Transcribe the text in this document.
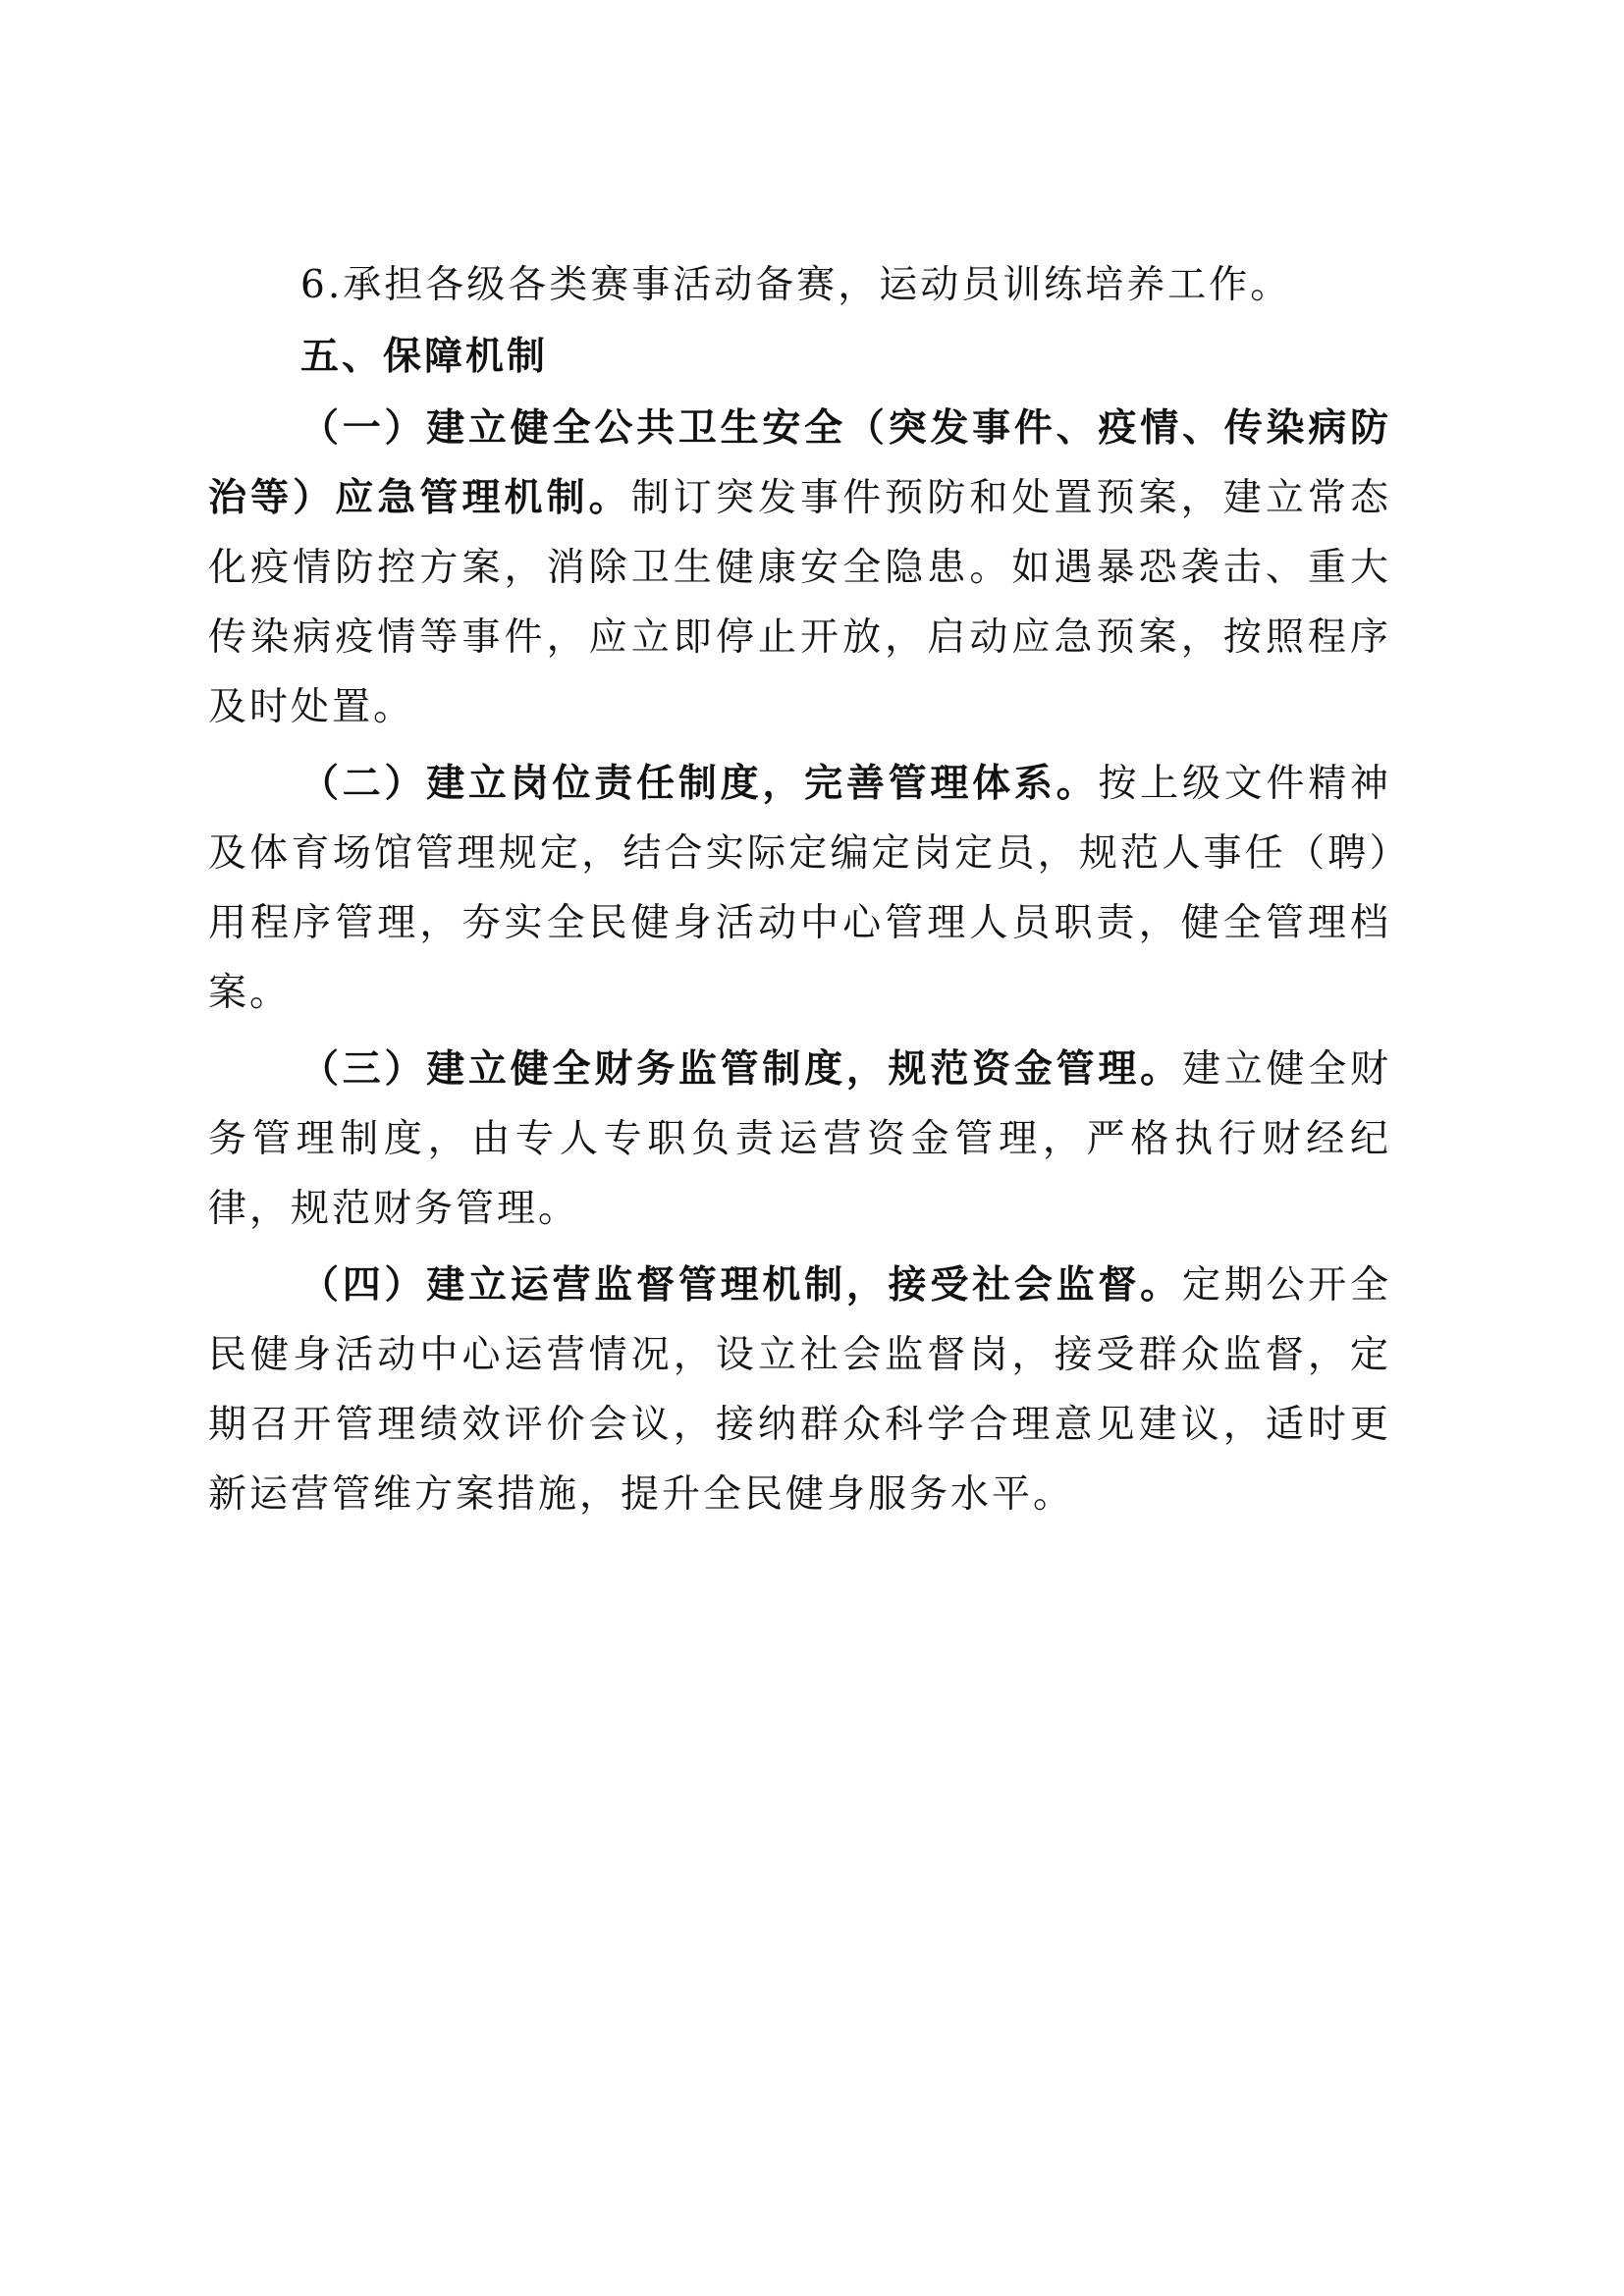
6.承担各级各类赛事活动备赛，运动员训练培养工作。

五、保障机制

（一）建立健全公共卫生安全（突发事件、疫情、传染病防治等）应急管理机制。制订突发事件预防和处置预案，建立常态化疫情防控方案，消除卫生健康安全隐患。如遇暴恐袭击、重大传染病疫情等事件，应立即停止开放，启动应急预案，按照程序及时处置。

（二）建立岗位责任制度，完善管理体系。按上级文件精神及体育场馆管理规定，结合实际定编定岗定员，规范人事任（聘）用程序管理，夯实全民健身活动中心管理人员职责，健全管理档案。

（三）建立健全财务监管制度，规范资金管理。建立健全财务管理制度，由专人专职负责运营资金管理，严格执行财经纪律，规范财务管理。

（四）建立运营监督管理机制，接受社会监督。定期公开全民健身活动中心运营情况，设立社会监督岗，接受群众监督，定期召开管理绩效评价会议，接纳群众科学合理意见建议，适时更新运营管维方案措施，提升全民健身服务水平。
